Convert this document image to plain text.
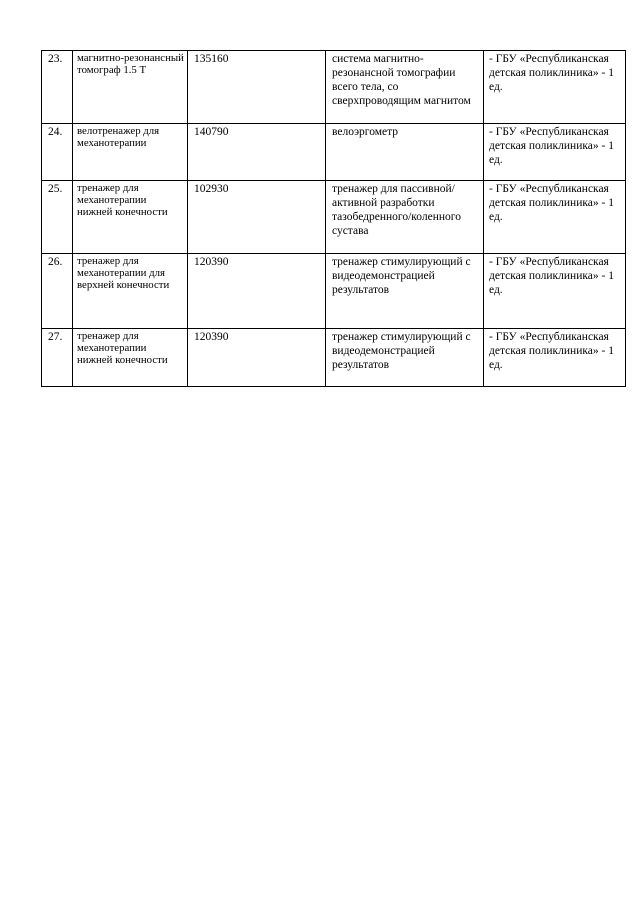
23.	магнитно-резонансный томограф 1.5 Т	135160	система магнитно-резонансной томографии всего тела, со сверхпроводящим магнитом	- ГБУ «Республиканская детская поликлиника» - 1 ед.
24.	велотренажер для механотерапии	140790	велоэргометр	- ГБУ «Республиканская детская поликлиника» - 1 ед.
25.	тренажер для механотерапии нижней конечности	102930	тренажер для пассивной/активной разработки тазобедренного/коленного сустава	- ГБУ «Республиканская детская поликлиника» - 1 ед.
26.	тренажер для механотерапии для верхней конечности	120390	тренажер стимулирующий с видеодемонстрацией результатов	- ГБУ «Республиканская детская поликлиника» - 1 ед.
27.	тренажер для механотерапии нижней конечности	120390	тренажер стимулирующий с видеодемонстрацией результатов	- ГБУ «Республиканская детская поликлиника» - 1 ед.
